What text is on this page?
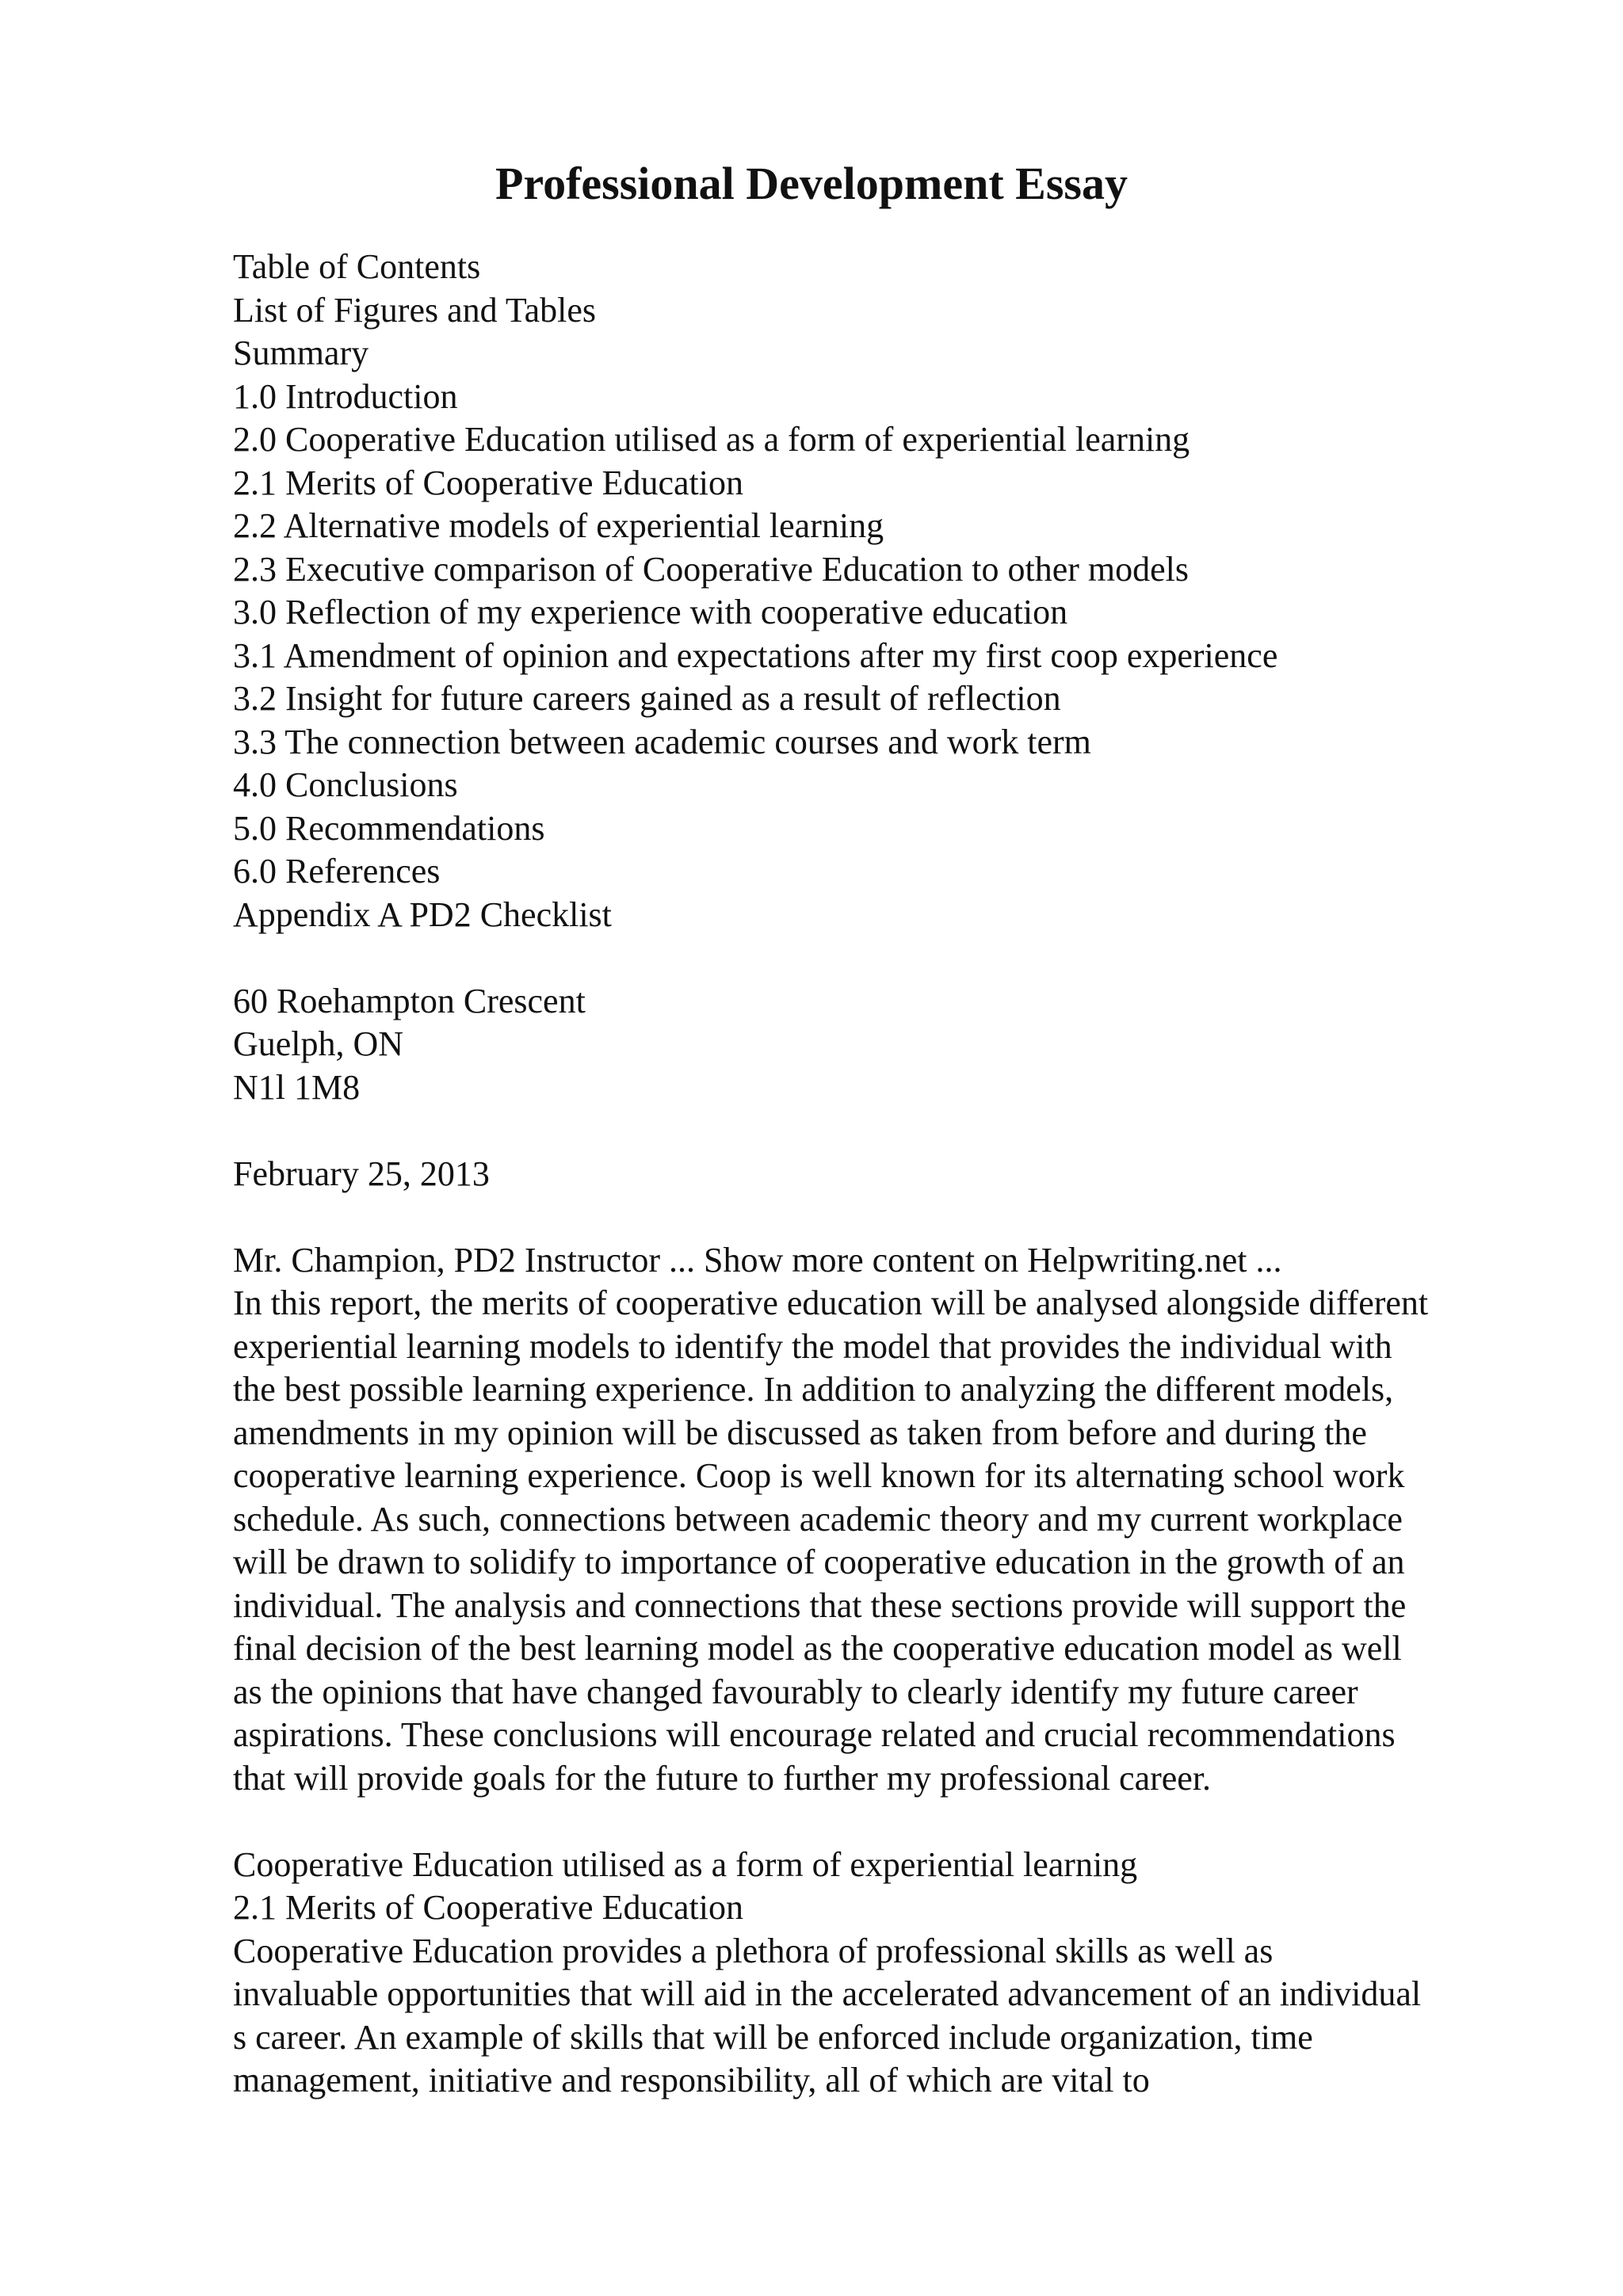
Professional Development Essay
Table of Contents
List of Figures and Tables
Summary
1.0 Introduction
2.0 Cooperative Education utilised as a form of experiential learning
2.1 Merits of Cooperative Education
2.2 Alternative models of experiential learning
2.3 Executive comparison of Cooperative Education to other models
3.0 Reflection of my experience with cooperative education
3.1 Amendment of opinion and expectations after my first coop experience
3.2 Insight for future careers gained as a result of reflection
3.3 The connection between academic courses and work term
4.0 Conclusions
5.0 Recommendations
6.0 References
Appendix A PD2 Checklist
60 Roehampton Crescent
Guelph, ON
N1l 1M8
February 25, 2013
Mr. Champion, PD2 Instructor ... Show more content on Helpwriting.net ...
In this report, the merits of cooperative education will be analysed alongside different
experiential learning models to identify the model that provides the individual with
the best possible learning experience. In addition to analyzing the different models,
amendments in my opinion will be discussed as taken from before and during the
cooperative learning experience. Coop is well known for its alternating school work
schedule. As such, connections between academic theory and my current workplace
will be drawn to solidify to importance of cooperative education in the growth of an
individual. The analysis and connections that these sections provide will support the
final decision of the best learning model as the cooperative education model as well
as the opinions that have changed favourably to clearly identify my future career
aspirations. These conclusions will encourage related and crucial recommendations
that will provide goals for the future to further my professional career.
Cooperative Education utilised as a form of experiential learning
2.1 Merits of Cooperative Education
Cooperative Education provides a plethora of professional skills as well as
invaluable opportunities that will aid in the accelerated advancement of an individual
s career. An example of skills that will be enforced include organization, time
management, initiative and responsibility, all of which are vital to
